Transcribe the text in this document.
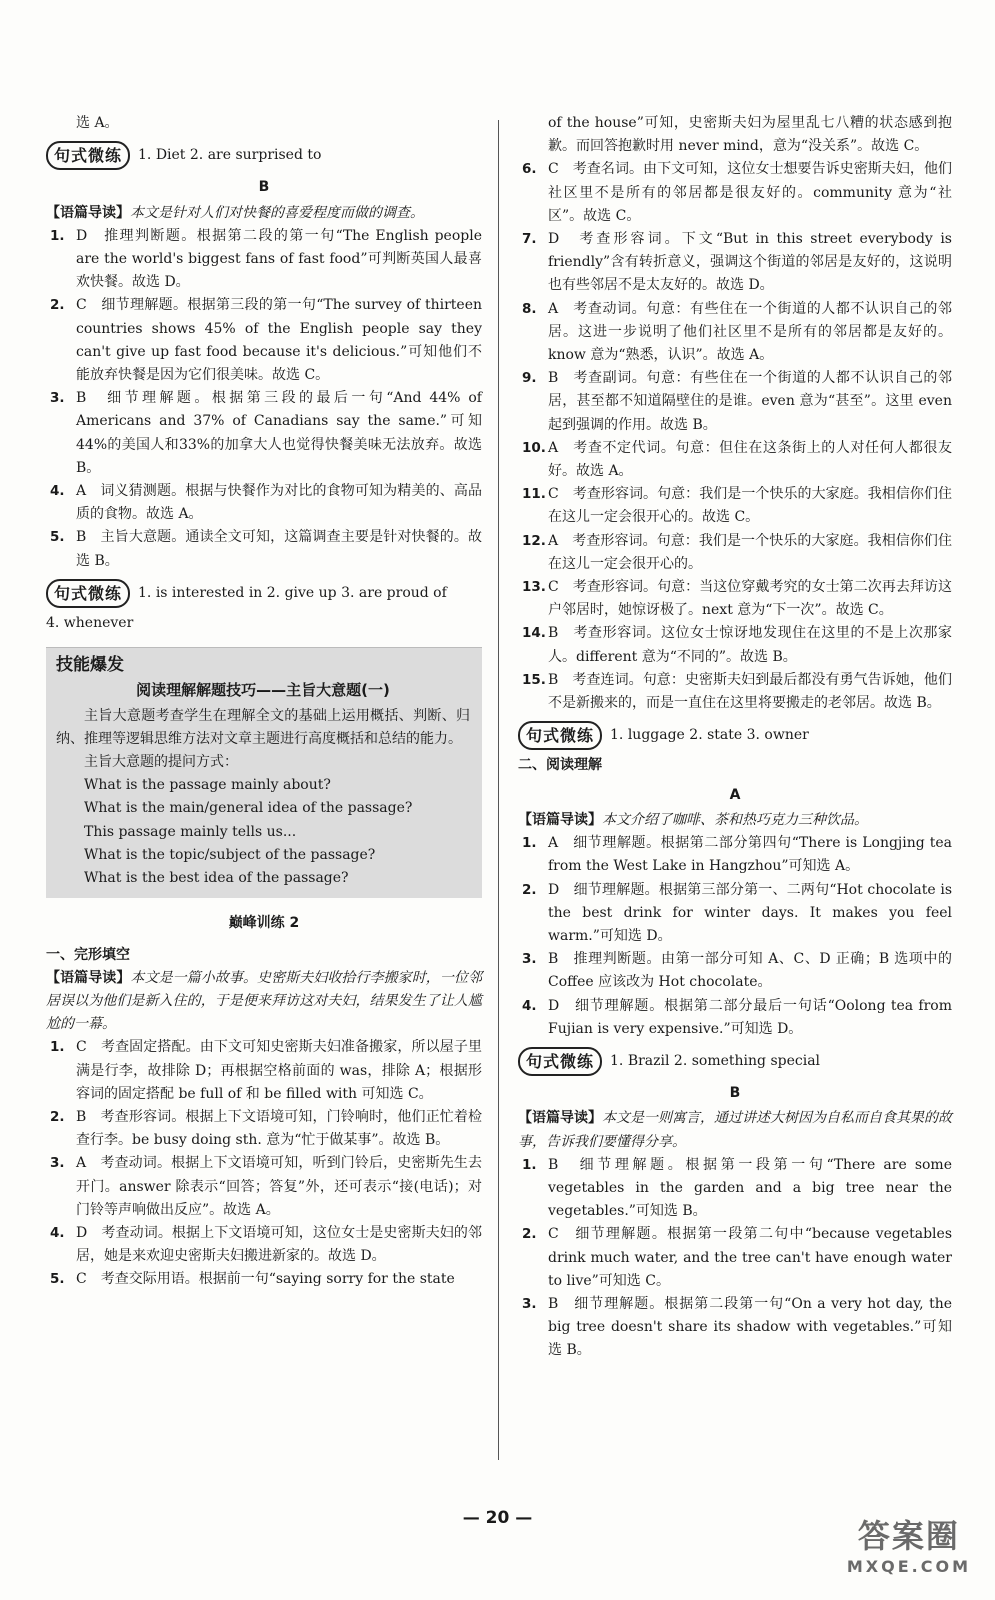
选 A。

句式微练	1. Diet 2. are surprised to
B

【语篇导读】本文是针对人们对快餐的喜爱程度而做的调查。

1. D　推理判断题。根据第二段的第一句“The English people are the world's biggest fans of fast food”可判断英国人最喜欢快餐。故选 D。
2. C　细节理解题。根据第三段的第一句“The survey of thirteen countries shows 45% of the English people say they can't give up fast food because it's delicious.”可知他们不能放弃快餐是因为它们很美味。故选 C。
3. B　细节理解题。根据第三段的最后一句“And 44% of Americans and 37% of Canadians say the same.”可知 44%的美国人和33%的加拿大人也觉得快餐美味无法放弃。故选 B。
4. A　词义猜测题。根据与快餐作为对比的食物可知为精美的、高品质的食物。故选 A。
5. B　主旨大意题。通读全文可知，这篇调查主要是针对快餐的。故选 B。
句式微练	1. is interested in 2. give up 3. are proud of

4. whenever

技能爆发
阅读理解解题技巧——主旨大意题(一)

主旨大意题考查学生在理解全文的基础上运用概括、判断、归纳、推理等逻辑思维方法对文章主题进行高度概括和总结的能力。

主旨大意题的提问方式：

What is the passage mainly about?

What is the main/general idea of the passage?

This passage mainly tells us...

What is the topic/subject of the passage?

What is the best idea of the passage?

巅峰训练 2
一、完形填空

【语篇导读】本文是一篇小故事。史密斯夫妇收拾行李搬家时，一位邻居误以为他们是新入住的，于是便来拜访这对夫妇，结果发生了让人尴尬的一幕。

1. C　考查固定搭配。由下文可知史密斯夫妇准备搬家，所以屋子里满是行李，故排除 D；再根据空格前面的 was，排除 A；根据形容词的固定搭配 be full of 和 be filled with 可知选 C。
2. B　考查形容词。根据上下文语境可知，门铃响时，他们正忙着检查行李。be busy doing sth. 意为“忙于做某事”。故选 B。
3. A　考查动词。根据上下文语境可知，听到门铃后，史密斯先生去开门。answer 除表示“回答；答复”外，还可表示“接(电话)；对门铃等声响做出反应”。故选 A。
4. D　考查动词。根据上下文语境可知，这位女士是史密斯夫妇的邻居，她是来欢迎史密斯夫妇搬进新家的。故选 D。
5. C　考查交际用语。根据前一句“saying sorry for the state

of the house”可知，史密斯夫妇为屋里乱七八糟的状态感到抱歉。而回答抱歉时用 never mind，意为“没关系”。故选 C。

6. C　考查名词。由下文可知，这位女士想要告诉史密斯夫妇，他们社区里不是所有的邻居都是很友好的。community 意为“社区”。故选 C。
7. D　考查形容词。下文“But in this street everybody is friendly”含有转折意义，强调这个街道的邻居是友好的，这说明也有些邻居不是太友好的。故选 D。
8. A　考查动词。句意：有些住在一个街道的人都不认识自己的邻居。这进一步说明了他们社区里不是所有的邻居都是友好的。know 意为“熟悉，认识”。故选 A。
9. B　考查副词。句意：有些住在一个街道的人都不认识自己的邻居，甚至都不知道隔壁住的是谁。even 意为“甚至”。这里 even 起到强调的作用。故选 B。
10. A　考查不定代词。句意：但住在这条街上的人对任何人都很友好。故选 A。
11. C　考查形容词。句意：我们是一个快乐的大家庭。我相信你们住在这儿一定会很开心的。故选 C。
12. A　考查形容词。句意：我们是一个快乐的大家庭。我相信你们住在这儿一定会很开心的。
13. C　考查形容词。句意：当这位穿戴考究的女士第二次再去拜访这户邻居时，她惊讶极了。next 意为“下一次”。故选 C。
14. B　考查形容词。这位女士惊讶地发现住在这里的不是上次那家人。different 意为“不同的”。故选 B。
15. B　考查连词。句意：史密斯夫妇到最后都没有勇气告诉她，他们不是新搬来的，而是一直住在这里将要搬走的老邻居。故选 B。
句式微练	1. luggage 2. state 3. owner
二、阅读理解
A

【语篇导读】本文介绍了咖啡、茶和热巧克力三种饮品。

1. A　细节理解题。根据第二部分第四句“There is Longjing tea from the West Lake in Hangzhou”可知选 A。
2. D　细节理解题。根据第三部分第一、二两句“Hot chocolate is the best drink for winter days. It makes you feel warm.”可知选 D。
3. B　推理判断题。由第一部分可知 A、C、D 正确；B 选项中的 Coffee 应该改为 Hot chocolate。
4. D　细节理解题。根据第二部分最后一句话“Oolong tea from Fujian is very expensive.”可知选 D。
句式微练	1. Brazil 2. something special
B

【语篇导读】本文是一则寓言，通过讲述大树因为自私而自食其果的故事，告诉我们要懂得分享。

1. B　细节理解题。根据第一段第一句“There are some vegetables in the garden and a big tree near the vegetables.”可知选 B。
2. C　细节理解题。根据第一段第二句中“because vegetables drink much water, and the tree can't have enough water to live”可知选 C。
3. B　细节理解题。根据第二段第一句“On a very hot day, the big tree doesn't share its shadow with vegetables.”可知选 B。
— 20 —	答案圈
MXQE.COM
